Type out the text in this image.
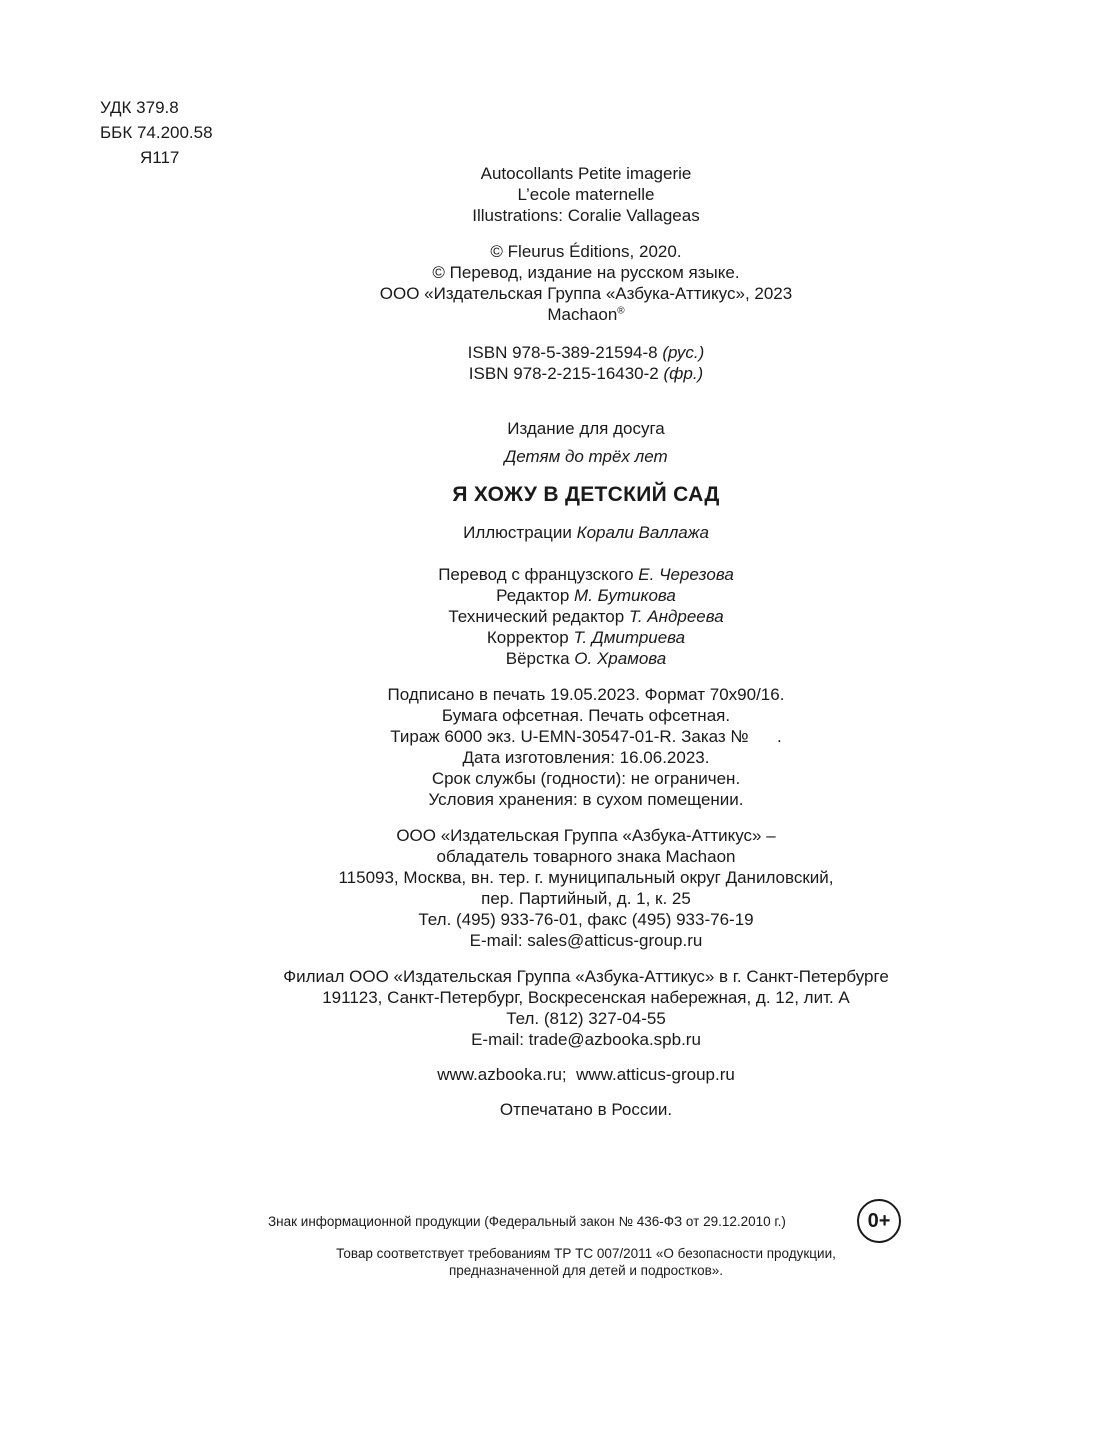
УДК 379.8
ББК 74.200.58
Я117
Autocollants Petite imagerie
L’ecole maternelle
Illustrations: Coralie Vallageas
© Fleurus Éditions, 2020.
© Перевод, издание на русском языке.
ООО «Издательская Группа «Азбука-Аттикус», 2023
Machaon®
ISBN 978-5-389-21594-8 (рус.)
ISBN 978-2-215-16430-2 (фр.)
Издание для досуга
Детям до трёх лет
Я ХОЖУ В ДЕТСКИЙ САД
Иллюстрации Корали Валлажа
Перевод с французского Е. Черезова
Редактор М. Бутикова
Технический редактор Т. Андреева
Корректор Т. Дмитриева
Вёрстка О. Храмова
Подписано в печать 19.05.2023. Формат 70x90/16.
Бумага офсетная. Печать офсетная.
Тираж 6000 экз. U-EMN-30547-01-R. Заказ №      .
Дата изготовления: 16.06.2023.
Срок службы (годности): не ограничен.
Условия хранения: в сухом помещении.
ООО «Издательская Группа «Азбука-Аттикус» –
обладатель товарного знака Machaon
115093, Москва, вн. тер. г. муниципальный округ Даниловский,
пер. Партийный, д. 1, к. 25
Тел. (495) 933-76-01, факс (495) 933-76-19
E-mail: sales@atticus-group.ru
Филиал ООО «Издательская Группа «Азбука-Аттикус» в г. Санкт-Петербурге
191123, Санкт-Петербург, Воскресенская набережная, д. 12, лит. А
Тел. (812) 327-04-55
E-mail: trade@azbooka.spb.ru
www.azbooka.ru;  www.atticus-group.ru
Отпечатано в России.
Знак информационной продукции (Федеральный закон № 436-ФЗ от 29.12.2010 г.)	0+
Товар соответствует требованиям ТР ТС 007/2011 «О безопасности продукции,
предназначенной для детей и подростков».
